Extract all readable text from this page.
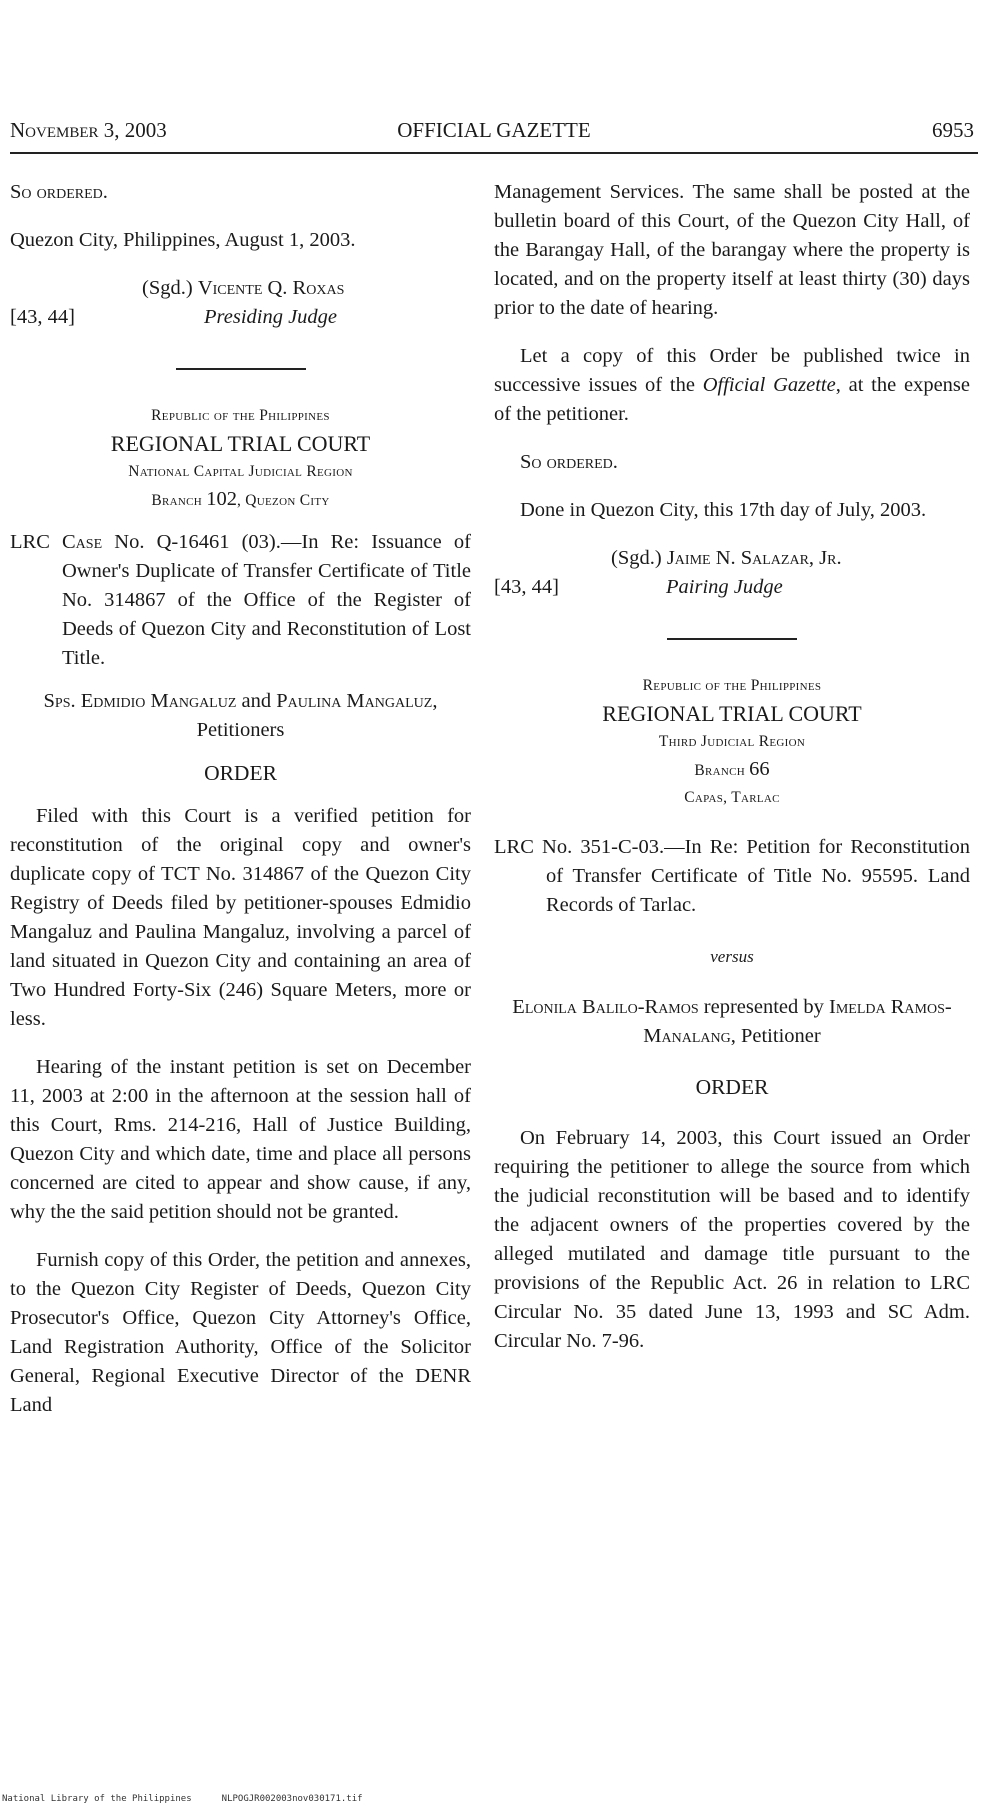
November 3, 2003	OFFICIAL GAZETTE	6953

So ordered.

Quezon City, Philippines, August 1, 2003.

(Sgd.) Vicente Q. Roxas
[43, 44]	Presiding Judge

Republic of the Philippines

REGIONAL TRIAL COURT

National Capital Judicial Region

Branch 102, Quezon City

LRC Case No. Q-16461 (03).—In Re: Issuance of Owner's Duplicate of Transfer Certificate of Title No. 314867 of the Office of the Register of Deeds of Quezon City and Reconstitution of Lost Title.

Sps. Edmidio Mangaluz and Paulina Mangaluz, Petitioners

ORDER

Filed with this Court is a verified petition for reconstitution of the original copy and owner's duplicate copy of TCT No. 314867 of the Quezon City Registry of Deeds filed by petitioner-spouses Edmidio Mangaluz and Paulina Mangaluz, involving a parcel of land situated in Quezon City and containing an area of Two Hundred Forty-Six (246) Square Meters, more or less.

Hearing of the instant petition is set on December 11, 2003 at 2:00 in the afternoon at the session hall of this Court, Rms. 214-216, Hall of Justice Building, Quezon City and which date, time and place all persons concerned are cited to appear and show cause, if any, why the the said petition should not be granted.

Furnish copy of this Order, the petition and annexes, to the Quezon City Register of Deeds, Quezon City Prosecutor's Office, Quezon City Attorney's Office, Land Registration Authority, Office of the Solicitor General, Regional Executive Director of the DENR Land

Management Services. The same shall be posted at the bulletin board of this Court, of the Quezon City Hall, of the Barangay Hall, of the barangay where the property is located, and on the property itself at least thirty (30) days prior to the date of hearing.

Let a copy of this Order be published twice in successive issues of the Official Gazette, at the expense of the petitioner.

So ordered.

Done in Quezon City, this 17th day of July, 2003.

(Sgd.) Jaime N. Salazar, Jr.
[43, 44]	Pairing Judge

Republic of the Philippines

REGIONAL TRIAL COURT

Third Judicial Region

Branch 66

Capas, Tarlac

LRC No. 351-C-03.—In Re: Petition for Reconstitution of Transfer Certificate of Title No. 95595. Land Records of Tarlac.

versus

Elonila Balilo-Ramos represented by Imelda Ramos-Manalang, Petitioner

ORDER

On February 14, 2003, this Court issued an Order requiring the petitioner to allege the source from which the judicial reconstitution will be based and to identify the adjacent owners of the properties covered by the alleged mutilated and damage title pursuant to the provisions of the Republic Act. 26 in relation to LRC Circular No. 35 dated June 13, 1993 and SC Adm. Circular No. 7-96.

National Library of the Philippines	NLPOGJR002003nov030171.tif
